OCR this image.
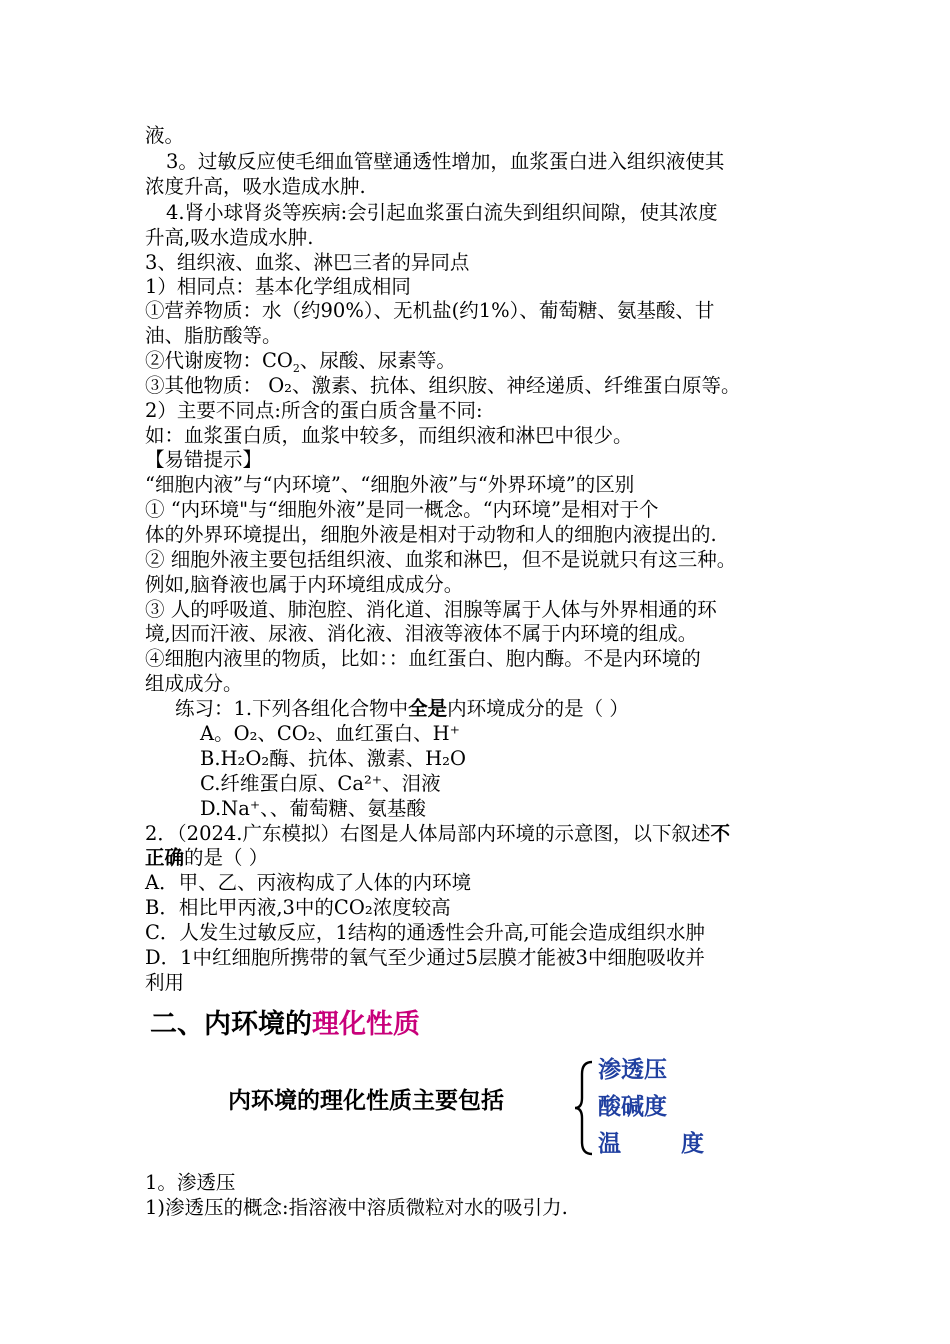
液。
3。过敏反应使毛细血管壁通透性增加，血浆蛋白进入组织液使其
浓度升高，吸水造成水肿.
4.肾小球肾炎等疾病:会引起血浆蛋白流失到组织间隙，使其浓度
升高,吸水造成水肿.
3、组织液、血浆、淋巴三者的异同点
1）相同点：基本化学组成相同
①营养物质：水（约90%）、无机盐(约1%）、葡萄糖、氨基酸、甘
油、脂肪酸等。
②代谢废物：$CO_2$、尿酸、尿素等。
③其他物质： O₂、激素、抗体、组织胺、神经递质、纤维蛋白原等。
2）主要不同点:所含的蛋白质含量不同:
如：血浆蛋白质，血浆中较多，而组织液和淋巴中很少。
【易错提示】
“细胞内液”与“内环境”、“细胞外液”与“外界环境”的区别
① “内环境"与“细胞外液”是同一概念。“内环境”是相对于个
体的外界环境提出，细胞外液是相对于动物和人的细胞内液提出的.
② 细胞外液主要包括组织液、血浆和淋巴，但不是说就只有这三种。
例如,脑脊液也属于内环境组成成分。
③ 人的呼吸道、肺泡腔、消化道、泪腺等属于人体与外界相通的环
境,因而汗液、尿液、消化液、泪液等液体不属于内环境的组成。
④细胞内液里的物质，比如：：血红蛋白、胞内酶。不是内环境的
组成成分。
练习：1.下列各组化合物中全是内环境成分的是（ ）
A。O₂、CO₂、血红蛋白、H⁺
B.H₂O₂酶、抗体、激素、H₂O
C.纤维蛋白原、Ca²⁺、泪液
D.Na⁺、、葡萄糖、氨基酸
2．（2024.广东模拟）右图是人体局部内环境的示意图，以下叙述不
正确的是（ ）
A．甲、乙、丙液构成了人体的内环境
B．相比甲丙液,3中的CO₂浓度较高
C．人发生过敏反应，1结构的通透性会升高,可能会造成组织水肿
D．1中红细胞所携带的氧气至少通过5层膜才能被3中细胞吸收并
利用
二、内环境的理化性质
内环境的理化性质主要包括
渗透压
酸碱度
温	度
1。渗透压
1)渗透压的概念:指溶液中溶质微粒对水的吸引力.
